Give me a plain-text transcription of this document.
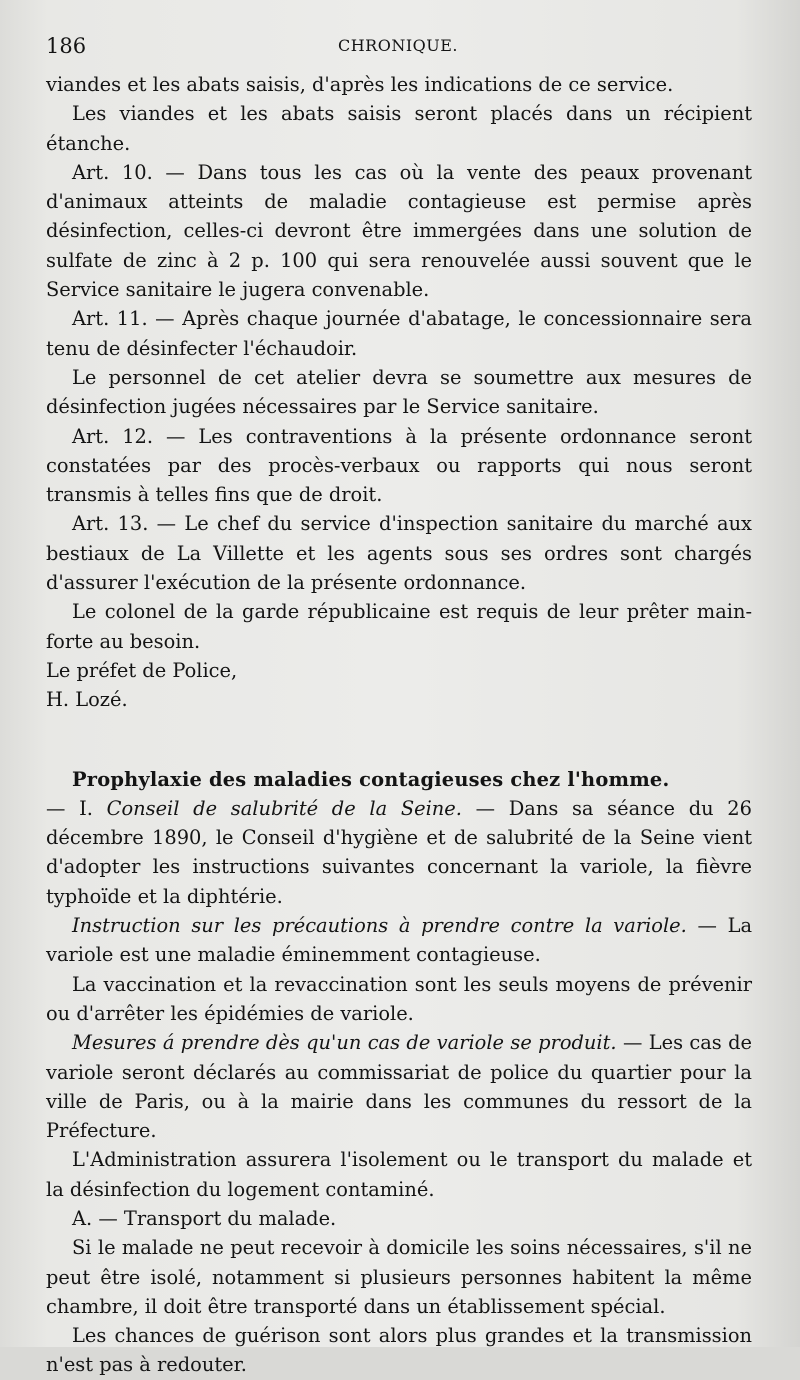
186	CHRONIQUE.

viandes et les abats saisis, d'après les indications de ce service.

Les viandes et les abats saisis seront placés dans un récipient étanche.

Art. 10. — Dans tous les cas où la vente des peaux provenant d'animaux atteints de maladie contagieuse est permise après désinfection, celles-ci devront être immergées dans une solution de sulfate de zinc à 2 p. 100 qui sera renouvelée aussi souvent que le Service sanitaire le jugera convenable.

Art. 11. — Après chaque journée d'abatage, le concessionnaire sera tenu de désinfecter l'échaudoir.

Le personnel de cet atelier devra se soumettre aux mesures de désinfection jugées nécessaires par le Service sanitaire.

Art. 12. — Les contraventions à la présente ordonnance seront constatées par des procès-verbaux ou rapports qui nous seront transmis à telles fins que de droit.

Art. 13. — Le chef du service d'inspection sanitaire du marché aux bestiaux de La Villette et les agents sous ses ordres sont chargés d'assurer l'exécution de la présente ordonnance.

Le colonel de la garde républicaine est requis de leur prêter main-forte au besoin.

Le préfet de Police,

H. Lozé.

Prophylaxie des maladies contagieuses chez l'homme.

— I. Conseil de salubrité de la Seine. — Dans sa séance du 26 décembre 1890, le Conseil d'hygiène et de salubrité de la Seine vient d'adopter les instructions suivantes concernant la variole, la fièvre typhoïde et la diphtérie.

Instruction sur les précautions à prendre contre la variole. — La variole est une maladie éminemment contagieuse.

La vaccination et la revaccination sont les seuls moyens de prévenir ou d'arrêter les épidémies de variole.

Mesures á prendre dès qu'un cas de variole se produit. — Les cas de variole seront déclarés au commissariat de police du quartier pour la ville de Paris, ou à la mairie dans les communes du ressort de la Préfecture.

L'Administration assurera l'isolement ou le transport du malade et la désinfection du logement contaminé.

A. — Transport du malade.

Si le malade ne peut recevoir à domicile les soins nécessaires, s'il ne peut être isolé, notamment si plusieurs personnes habitent la même chambre, il doit être transporté dans un établissement spécial.

Les chances de guérison sont alors plus grandes et la transmission n'est pas à redouter.
